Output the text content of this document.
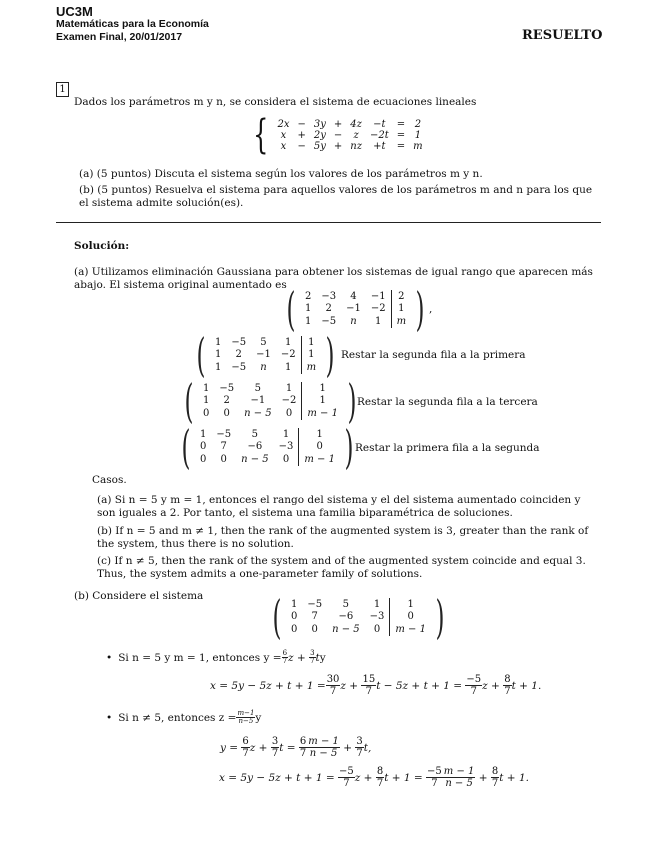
UC3M
Matemáticas para la Economía
Examen Final, 20/01/2017	RESUELTO
1
Dados los parámetros m y n, se considera el sistema de ecuaciones lineales
{ 2x	−	3y	+	4z	−t	=	2
x	+	2y	−	z	−2t	=	1
x	−	5y	+	nz	+t	=	m
(a) (5 puntos) Discuta el sistema según los valores de los parámetros m y n.
(b) (5 puntos) Resuelva el sistema para aquellos valores de los parámetros m and n para los que el sistema admite solución(es).
Solución:
(a) Utilizamos eliminación Gaussiana para obtener los sistemas de igual rango que aparecen más abajo. El sistema original aumentado es ( 2	−3	4	−1	2
1	2	−1	−2	1
1	−5	n	1	m ) ,
( 1	−5	5	1	1
1	2	−1	−2	1
1	−5	n	1	m ) Restar la segunda fila a la primera
( 1	−5	5	1	1
1	2	−1	−2	1
0	0	n − 5	0	m − 1 ) Restar la segunda fila a la tercera
( 1	−5	5	1	1
0	7	−6	−3	0
0	0	n − 5	0	m − 1 ) Restar la primera fila a la segunda
Casos.
(a) Si n = 5 y m = 1, entonces el rango del sistema y el del sistema aumentado coinciden y son iguales a 2. Por tanto, el sistema una familia biparamétrica de soluciones.
(b) If n = 5 and m ≠ 1, then the rank of the augmented system is 3, greater than the rank of the system, thus there is no solution.
(c) If n ≠ 5, then the rank of the system and of the augmented system coincide and equal 3. Thus, the system admits a one-parameter family of solutions.
(b) Considere el sistema ( 1	−5	5	1	1
0	7	−6	−3	0
0	0	n − 5	0	m − 1 )
• Si n = 5 y m = 1, entonces $y = \frac{6}{7}$ $z + \frac{3}{7}$ t y
$x = 5y - 5z + t + 1 = \frac{30}{7}$ $z + \frac{15}{7}$ t − 5z + t + 1 =
$\frac{-5}{7}$ $z + \frac{8}{7}$ t + 1.
• Si n ≠ 5, entonces $z = \frac{m-1}{n-5}$ y
y =
$\frac{6}{7}$ $z + \frac{3}{7}$ t =
$\frac{6}{7} \frac{m - 1}{n - 5} + \frac{3}{7} t$,
x = 5y − 5z + t + 1 =
$\frac{-5}{7}$ $z + \frac{8}{7}$ t + 1 =
$\frac{-5}{7} \frac{m - 1}{n - 5} + \frac{8}{7}$ t + 1.
